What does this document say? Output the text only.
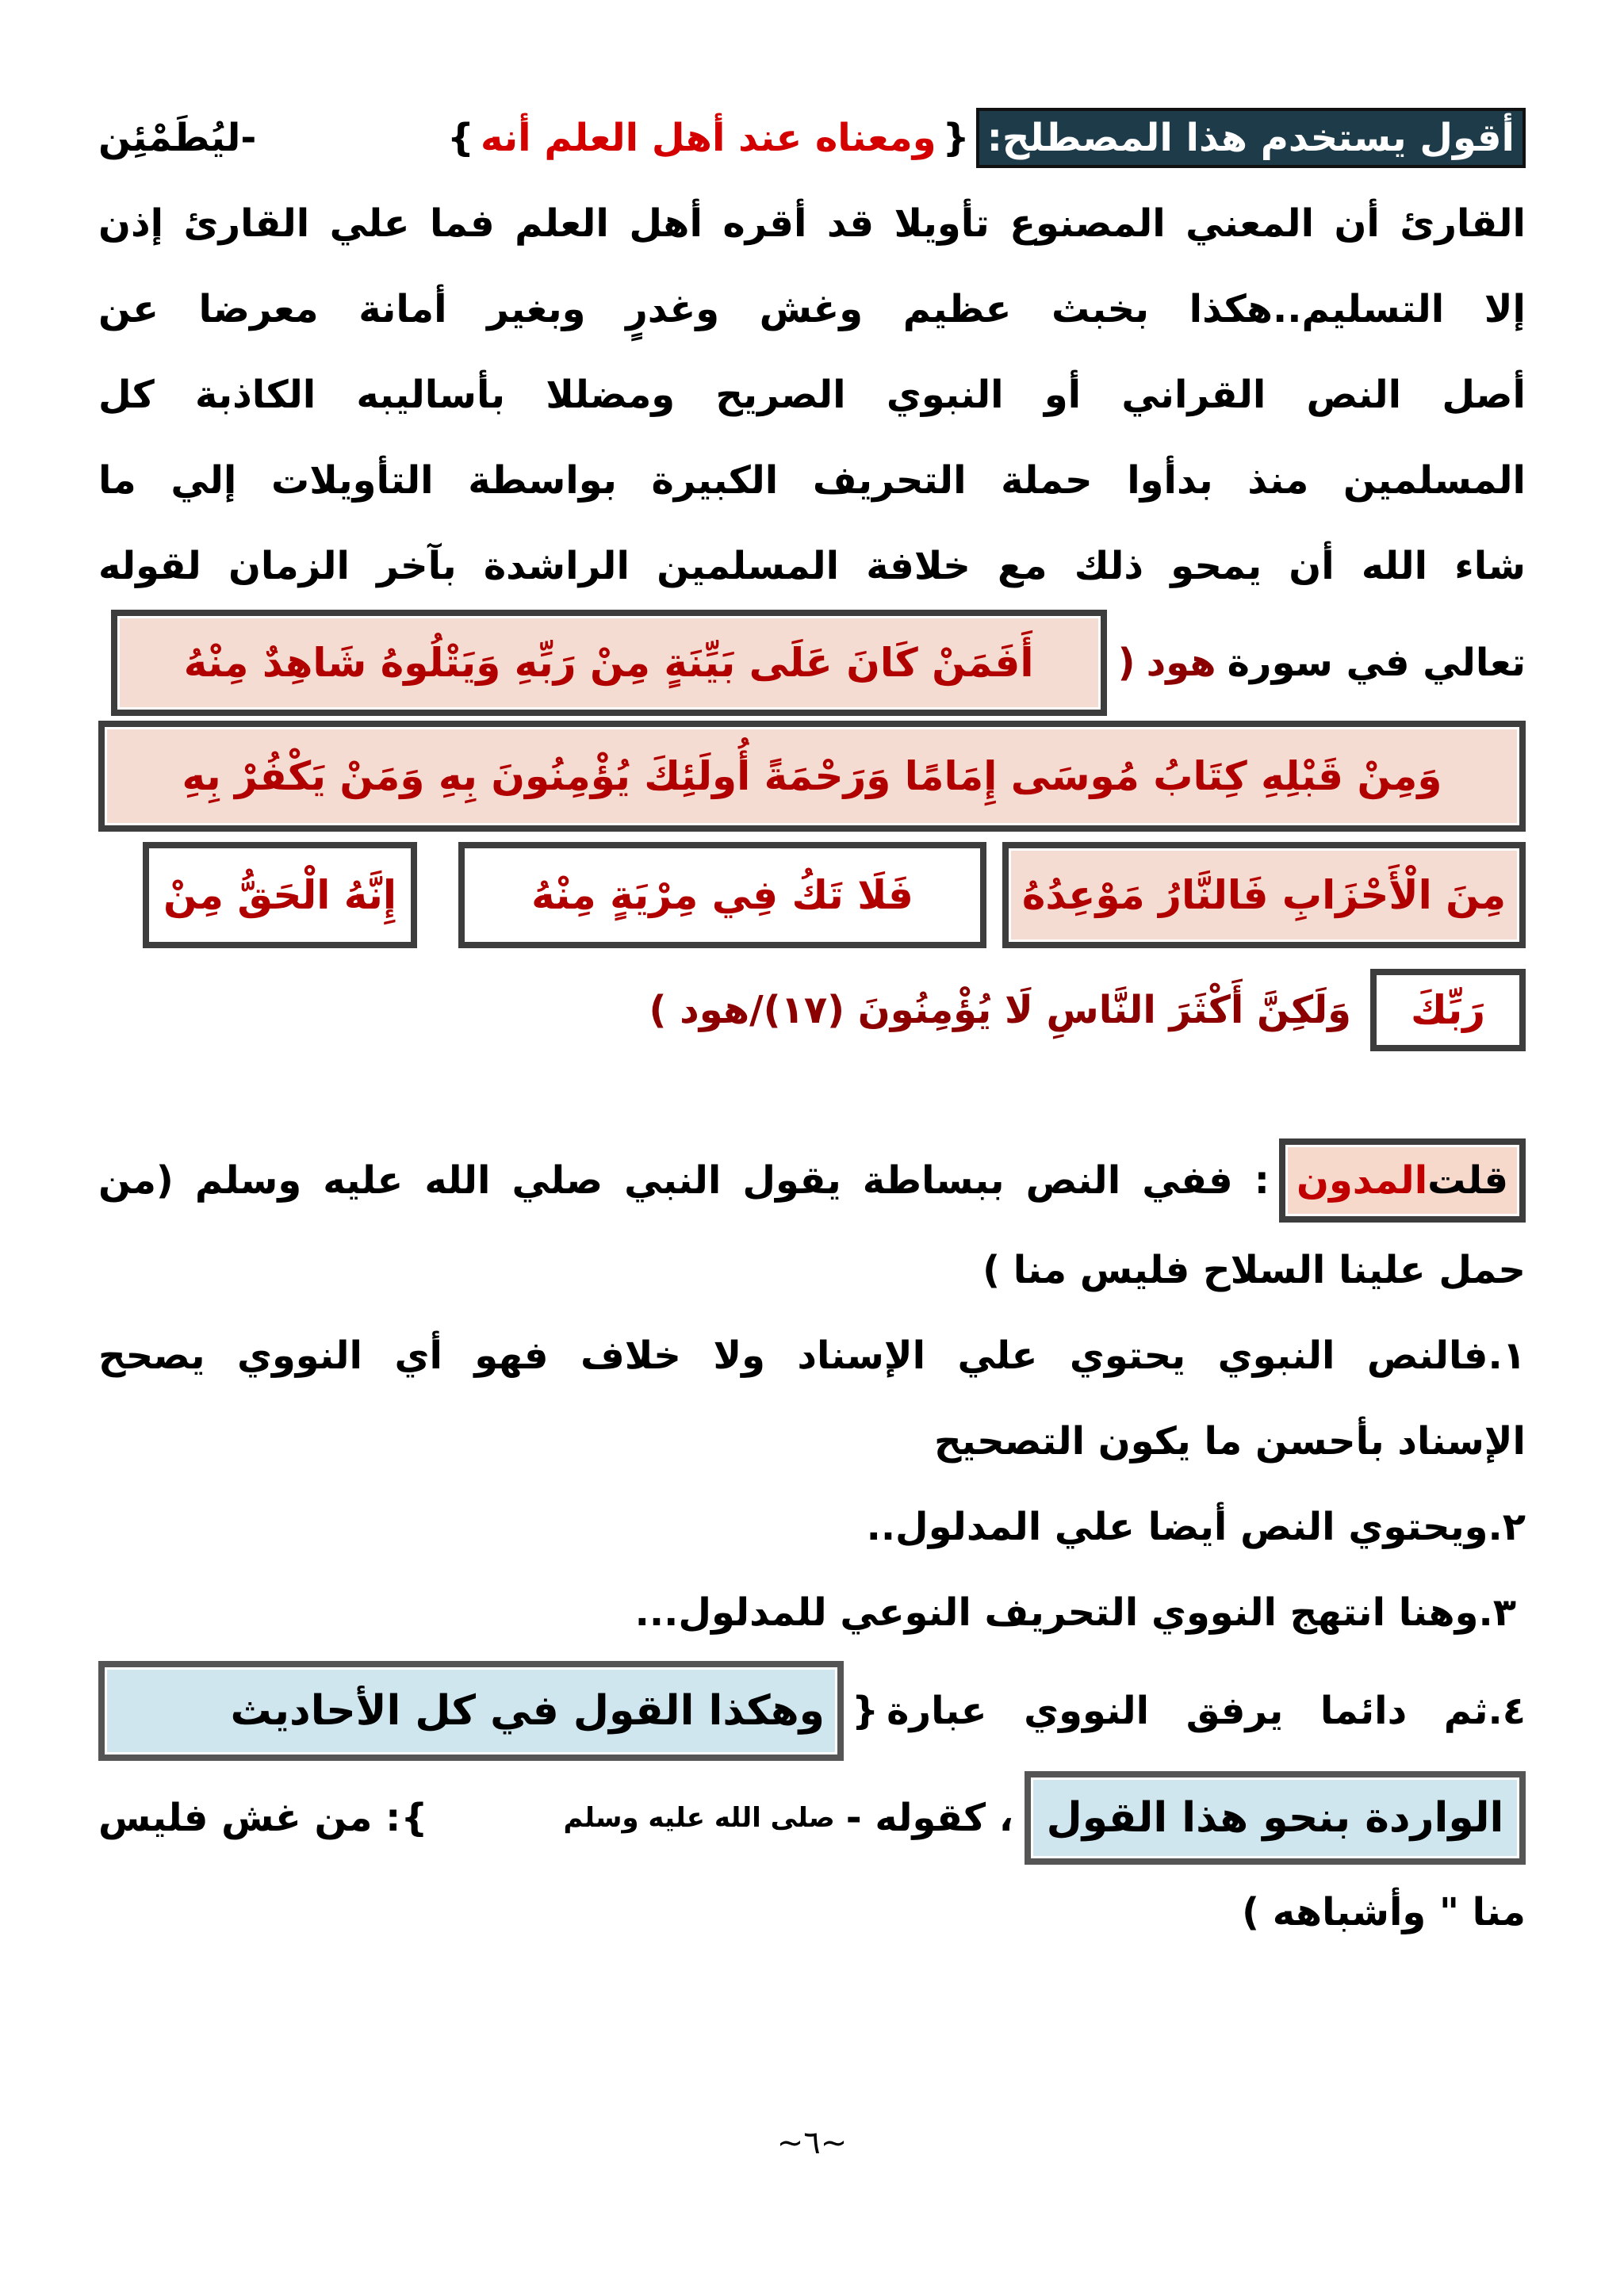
أقول يستخدم هذا المصطلح:
{
ومعناه عند أهل العلم أنه
}
-ليُطَمْئِن
القارئ أن المعني المصنوع تأويلا قد أقره أهل العلم فما علي القارئ إذن
إلا التسليم..هكذا بخبث عظيم وغش وغدرٍ وبغير أمانة معرضا عن
أصل النص القراني أو النبوي الصريح ومضللا بأساليبه الكاذبة كل
المسلمين منذ بدأوا حملة التحريف الكبيرة بواسطة التأويلات إلي ما
شاء الله أن يمحو ذلك مع خلافة المسلمين الراشدة بآخر الزمان لقوله
تعالي في سورة
هود
(
أَفَمَنْ كَانَ عَلَى بَيِّنَةٍ مِنْ رَبِّهِ وَيَتْلُوهُ شَاهِدٌ مِنْهُ
وَمِنْ قَبْلِهِ كِتَابُ مُوسَى إِمَامًا وَرَحْمَةً أُولَئِكَ يُؤْمِنُونَ بِهِ وَمَنْ يَكْفُرْ بِهِ
مِنَ الْأَحْزَابِ فَالنَّارُ مَوْعِدُهُ
فَلَا تَكُ فِي مِرْيَةٍ مِنْهُ
إِنَّهُ الْحَقُّ مِنْ
رَبِّكَ
وَلَكِنَّ أَكْثَرَ النَّاسِ لَا يُؤْمِنُونَ (١٧)/هود )
قلت
المدون
: ففي النص ببساطة يقول النبي صلي الله عليه وسلم (من
حمل علينا السلاح فليس منا )
١.فالنص النبوي يحتوي علي الإسناد ولا خلاف فهو أي النووي يصحح
الإسناد بأحسن ما يكون التصحيح
٢.ويحتوي النص أيضا علي المدلول..
٣.وهنا انتهج النووي التحريف النوعي للمدلول...
٤.ثم دائما يرفق النووي عبارة
{
وهكذا القول في كل الأحاديث
الواردة بنحو هذا القول
، كقوله -
صلى الله عليه وسلم
}: من غش فليس
منا " وأشباهه )
~٦~
